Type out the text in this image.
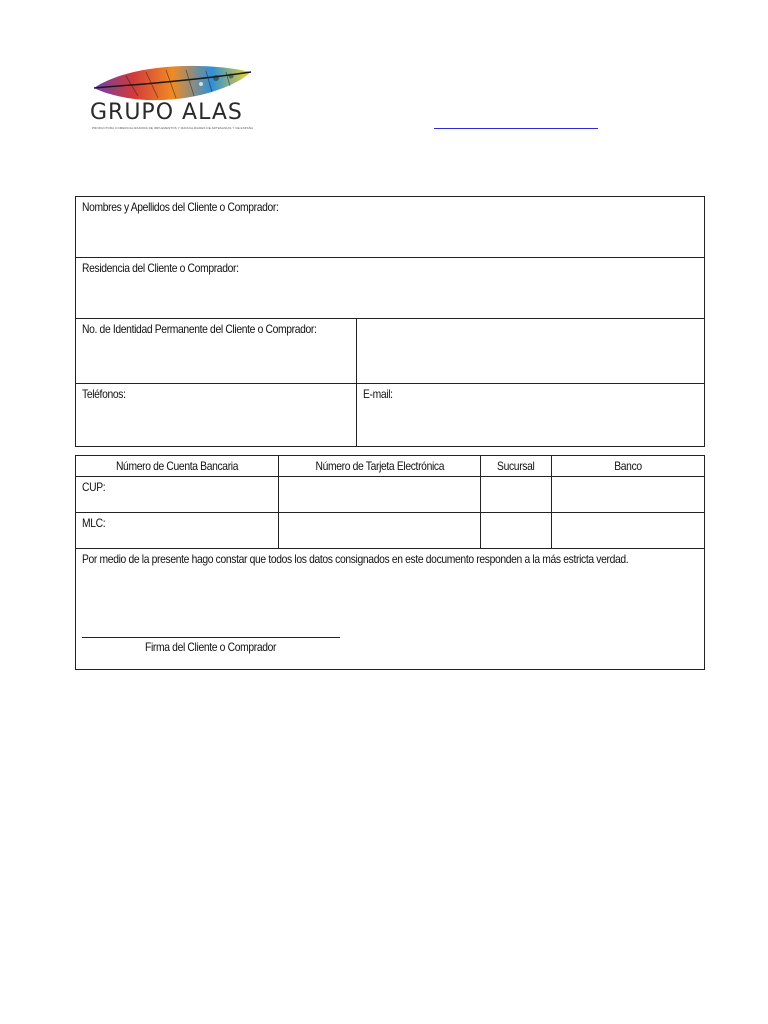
GRUPO ALAS
PRODUCTORA COMERCIALIZADORA DE IMPLEMENTOS Y MANUALIDADES DE ARTESANÍAS Y DE ESPAÑA
Nombres y Apellidos del Cliente o Comprador:	
Residencia del Cliente o Comprador:	
No. de Identidad Permanente del Cliente o Comprador:	
Teléfonos:	E-mail:
Número de Cuenta Bancaria	Número de Tarjeta Electrónica	Sucursal	Banco
CUP:			
MLC:			
Por medio de la presente hago constar que todos los datos consignados en este documento responden a la más estricta verdad.
Firma del Cliente o Comprador			
